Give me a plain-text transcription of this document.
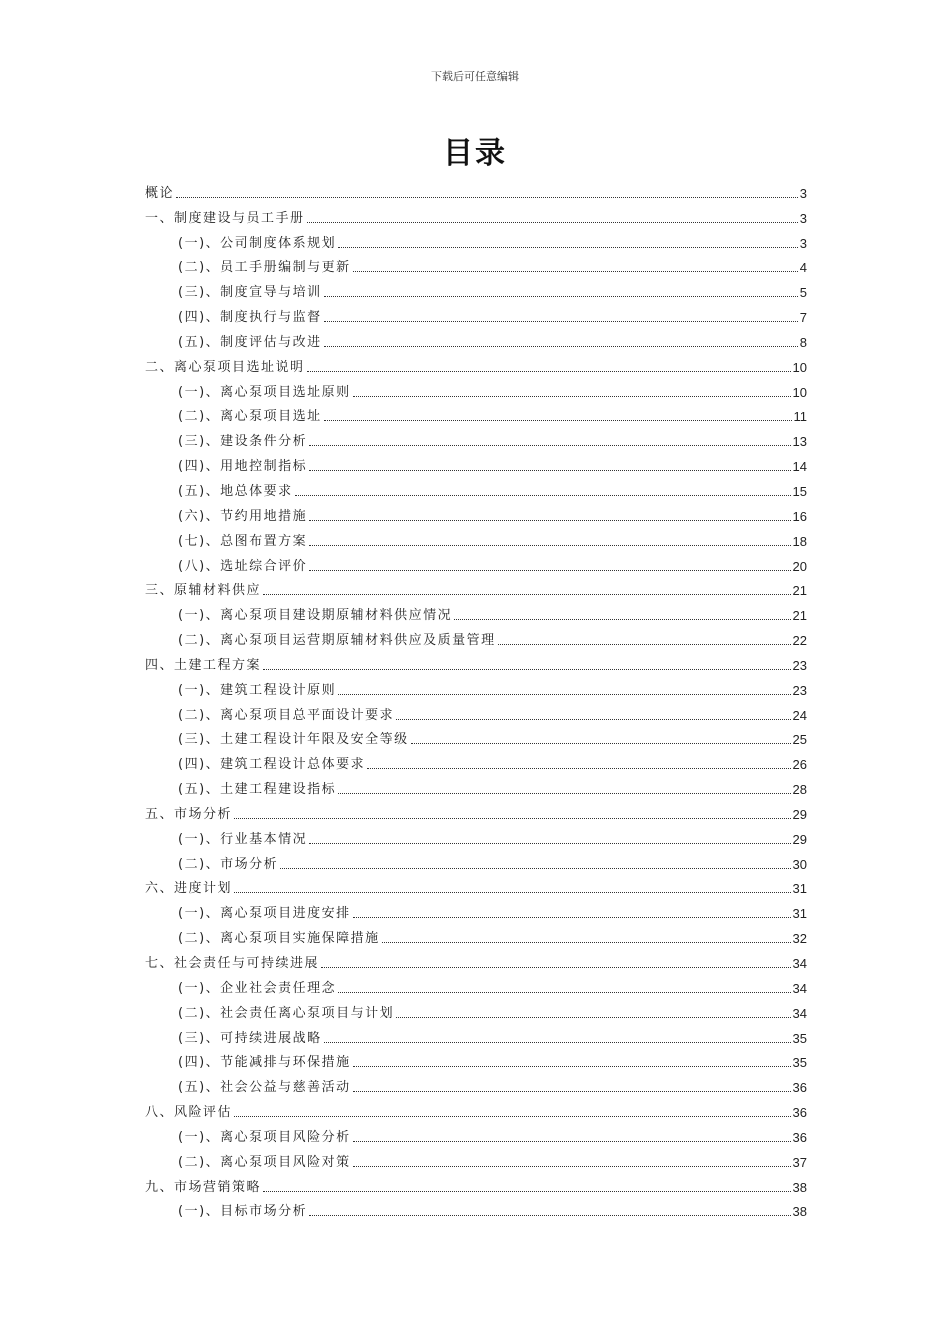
下载后可任意编辑
目录
概论	3
一、制度建设与员工手册	3
(一)、公司制度体系规划	3
(二)、员工手册编制与更新	4
(三)、制度宣导与培训	5
(四)、制度执行与监督	7
(五)、制度评估与改进	8
二、离心泵项目选址说明	10
(一)、离心泵项目选址原则	10
(二)、离心泵项目选址	11
(三)、建设条件分析	13
(四)、用地控制指标	14
(五)、地总体要求	15
(六)、节约用地措施	16
(七)、总图布置方案	18
(八)、选址综合评价	20
三、原辅材料供应	21
(一)、离心泵项目建设期原辅材料供应情况	21
(二)、离心泵项目运营期原辅材料供应及质量管理	22
四、土建工程方案	23
(一)、建筑工程设计原则	23
(二)、离心泵项目总平面设计要求	24
(三)、土建工程设计年限及安全等级	25
(四)、建筑工程设计总体要求	26
(五)、土建工程建设指标	28
五、市场分析	29
(一)、行业基本情况	29
(二)、市场分析	30
六、进度计划	31
(一)、离心泵项目进度安排	31
(二)、离心泵项目实施保障措施	32
七、社会责任与可持续进展	34
(一)、企业社会责任理念	34
(二)、社会责任离心泵项目与计划	34
(三)、可持续进展战略	35
(四)、节能减排与环保措施	35
(五)、社会公益与慈善活动	36
八、风险评估	36
(一)、离心泵项目风险分析	36
(二)、离心泵项目风险对策	37
九、市场营销策略	38
(一)、目标市场分析	38
